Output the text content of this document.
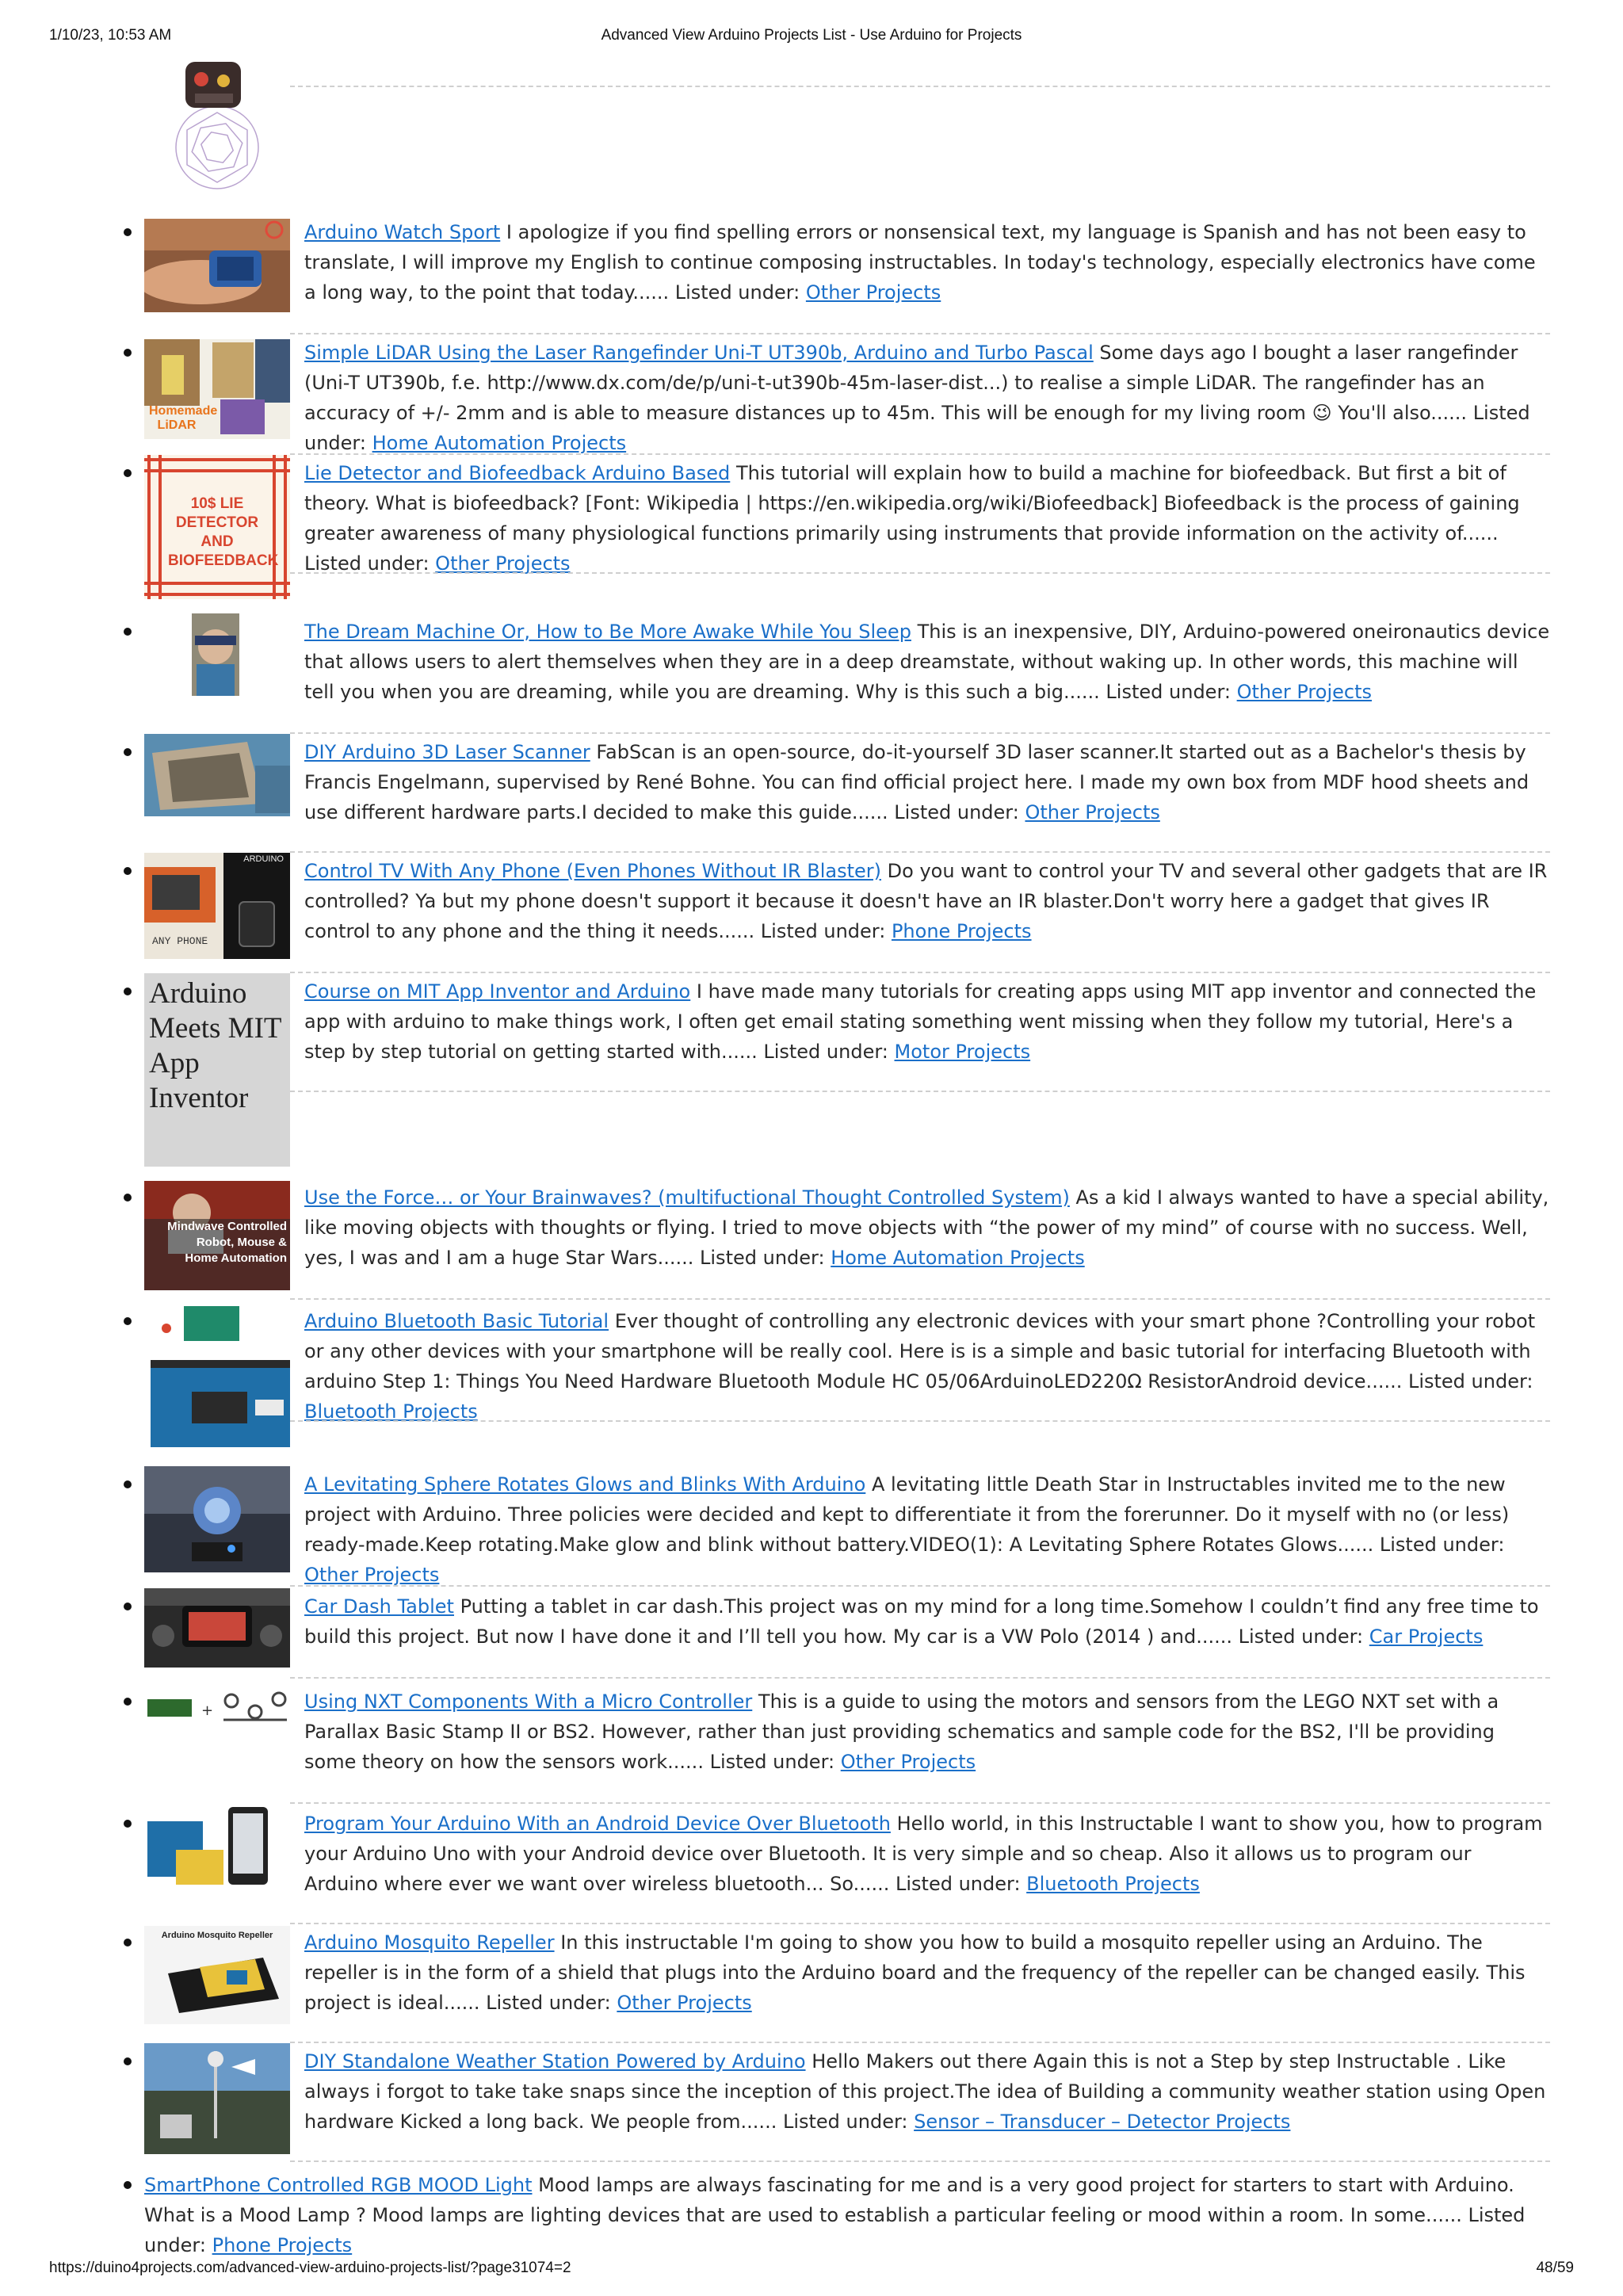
1/10/23, 10:53 AM	Advanced View Arduino Projects List - Use Arduino for Projects
Arduino Watch Sport I apologize if you find spelling errors or nonsensical text, my language is Spanish and has not been easy to translate, I will improve my English to continue composing instructables. In today's technology, especially electronics have come a long way, to the point that today...... Listed under: Other Projects
Homemade LiDAR
Simple LiDAR Using the Laser Rangefinder Uni-T UT390b, Arduino and Turbo Pascal Some days ago I bought a laser rangefinder (Uni-T UT390b, f.e. http://www.dx.com/de/p/uni-t-ut390b-45m-laser-dist...) to realise a simple LiDAR. The rangefinder has an accuracy of +/- 2mm and is able to measure distances up to 45m. This will be enough for my living room 😉 You'll also...... Listed under: Home Automation Projects
10$ LIE DETECTOR AND BIOFEEDBACK
Lie Detector and Biofeedback Arduino Based This tutorial will explain how to build a machine for biofeedback. But first a bit of theory. What is biofeedback? [Font: Wikipedia | https://en.wikipedia.org/wiki/Biofeedback] Biofeedback is the process of gaining greater awareness of many physiological functions primarily using instruments that provide information on the activity of...... Listed under: Other Projects
The Dream Machine Or, How to Be More Awake While You Sleep This is an inexpensive, DIY, Arduino-powered oneironautics device that allows users to alert themselves when they are in a deep dreamstate, without waking up. In other words, this machine will tell you when you are dreaming, while you are dreaming. Why is this such a big...... Listed under: Other Projects
DIY Arduino 3D Laser Scanner FabScan is an open-source, do-it-yourself 3D laser scanner.It started out as a Bachelor's thesis by Francis Engelmann, supervised by René Bohne. You can find official project here. I made my own box from MDF hood sheets and use different hardware parts.I decided to make this guide...... Listed under: Other Projects
ANY PHONE
ARDUINO
Control TV With Any Phone (Even Phones Without IR Blaster) Do you want to control your TV and several other gadgets that are IR controlled? Ya but my phone doesn't support it because it doesn't have an IR blaster.Don't worry here a gadget that gives IR control to any phone and the thing it needs...... Listed under: Phone Projects
Arduino Meets MIT App Inventor
Course on MIT App Inventor and Arduino I have made many tutorials for creating apps using MIT app inventor and connected the app with arduino to make things work, I often get email stating something went missing when they follow my tutorial, Here's a step by step tutorial on getting started with...... Listed under: Motor Projects
Mindwave Controlled Robot, Mouse & Home Automation
Use the Force… or Your Brainwaves? (multifuctional Thought Controlled System) As a kid I always wanted to have a special ability, like moving objects with thoughts or flying. I tried to move objects with “the power of my mind” of course with no success. Well, yes, I was and I am a huge Star Wars...... Listed under: Home Automation Projects
Arduino Bluetooth Basic Tutorial Ever thought of controlling any electronic devices with your smart phone ?Controlling your robot or any other devices with your smartphone will be really cool. Here is is a simple and basic tutorial for interfacing Bluetooth with arduino Step 1: Things You Need Hardware Bluetooth Module HC 05/06ArduinoLED220Ω ResistorAndroid device...... Listed under: Bluetooth Projects
A Levitating Sphere Rotates Glows and Blinks With Arduino A levitating little Death Star in Instructables invited me to the new project with Arduino. Three policies were decided and kept to differentiate it from the forerunner. Do it myself with no (or less) ready-made.Keep rotating.Make glow and blink without battery.VIDEO(1): A Levitating Sphere Rotates Glows...... Listed under: Other Projects
Car Dash Tablet Putting a tablet in car dash.This project was on my mind for a long time.Somehow I couldn’t find any free time to build this project. But now I have done it and I’ll tell you how. My car is a VW Polo (2014 ) and...... Listed under: Car Projects
+	Using NXT Components With a Micro Controller This is a guide to using the motors and sensors from the LEGO NXT set with a Parallax Basic Stamp II or BS2. However, rather than just providing schematics and sample code for the BS2, I'll be providing some theory on how the sensors work...... Listed under: Other Projects
Program Your Arduino With an Android Device Over Bluetooth Hello world, in this Instructable I want to show you, how to program your Arduino Uno with your Android device over Bluetooth. It is very simple and so cheap. Also it allows us to program our Arduino where ever we want over wireless bluetooth... So...... Listed under: Bluetooth Projects
Arduino Mosquito Repeller	Arduino Mosquito Repeller In this instructable I'm going to show you how to build a mosquito repeller using an Arduino. The repeller is in the form of a shield that plugs into the Arduino board and the frequency of the repeller can be changed easily. This project is ideal...... Listed under: Other Projects
DIY Standalone Weather Station Powered by Arduino Hello Makers out there Again this is not a Step by step Instructable . Like always i forgot to take take snaps since the inception of this project.The idea of Building a community weather station using Open hardware Kicked a long back. We people from...... Listed under: Sensor – Transducer – Detector Projects
SmartPhone Controlled RGB MOOD Light Mood lamps are always fascinating for me and is a very good project for starters to start with Arduino. What is a Mood Lamp ? Mood lamps are lighting devices that are used to establish a particular feeling or mood within a room. In some...... Listed under: Phone Projects
https://duino4projects.com/advanced-view-arduino-projects-list/?page31074=2	48/59
